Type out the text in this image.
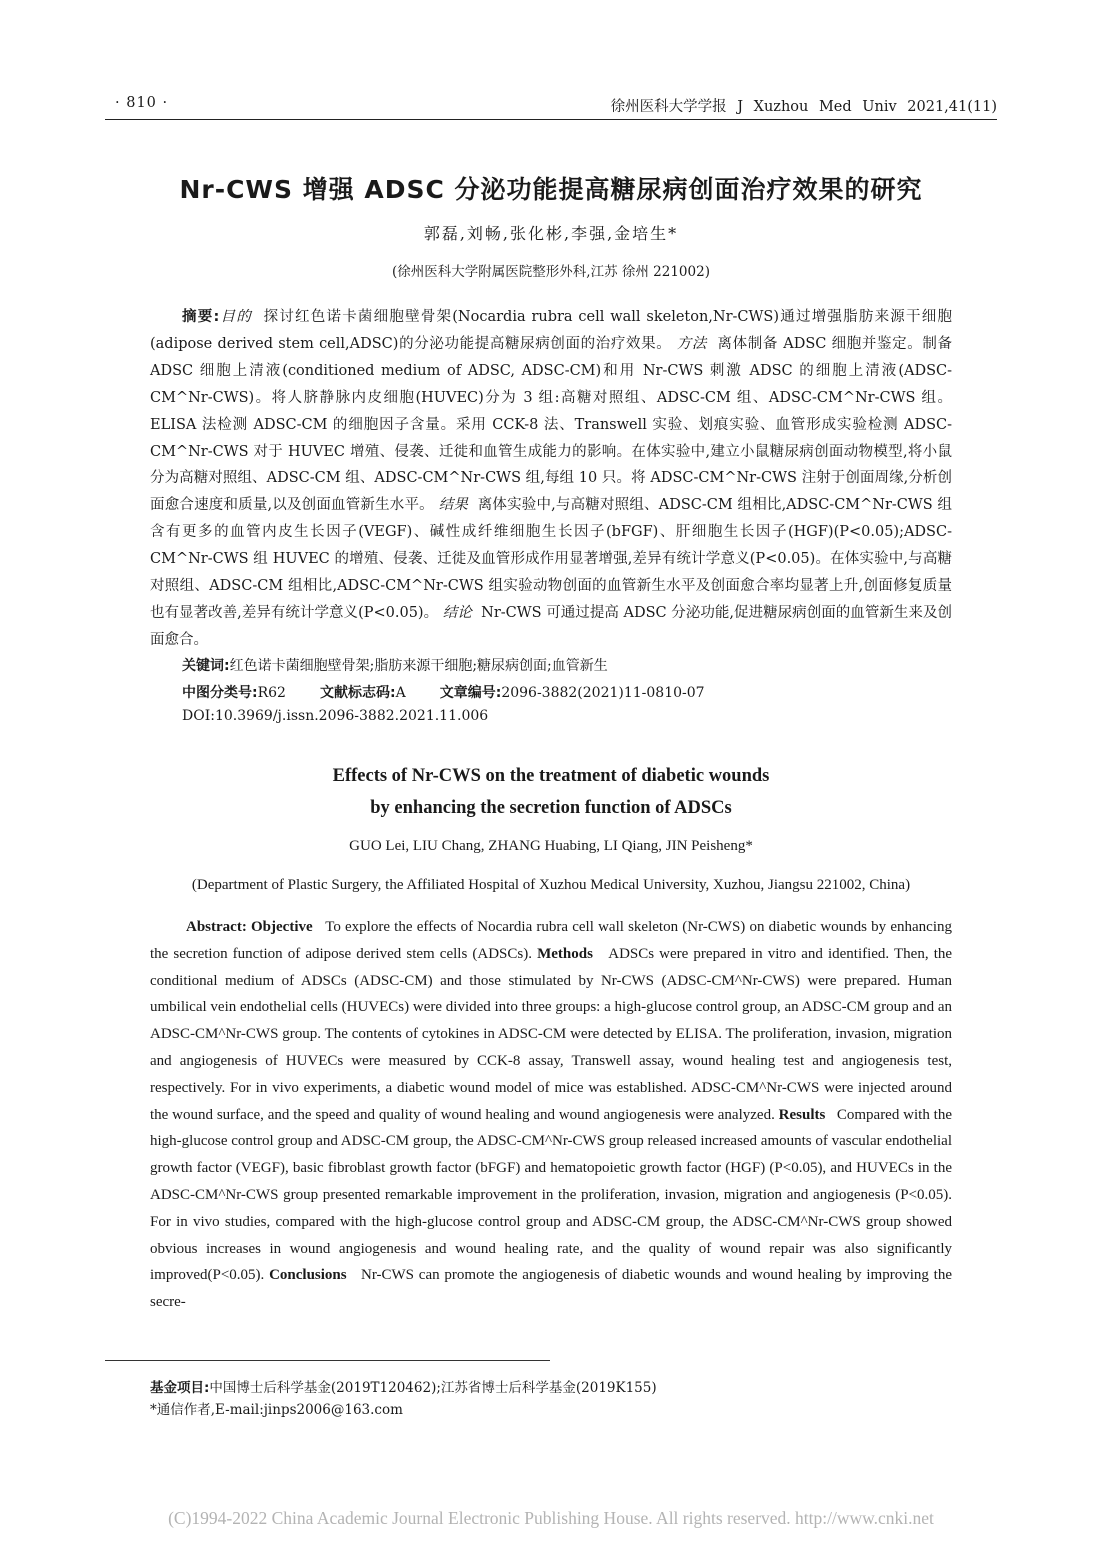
· 810 ·	徐州医科大学学报 J Xuzhou Med Univ 2021,41(11)
Nr-CWS 增强 ADSC 分泌功能提高糖尿病创面治疗效果的研究
郭磊,刘畅,张化彬,李强,金培生*
(徐州医科大学附属医院整形外科,江苏 徐州 221002)

摘要:目的 探讨红色诺卡菌细胞壁骨架(Nocardia rubra cell wall skeleton,Nr-CWS)通过增强脂肪来源干细胞(adipose derived stem cell,ADSC)的分泌功能提高糖尿病创面的治疗效果。 方法 离体制备 ADSC 细胞并鉴定。制备 ADSC 细胞上清液(conditioned medium of ADSC, ADSC-CM)和用 Nr-CWS 刺激 ADSC 的细胞上清液(ADSC-CM^Nr-CWS)。将人脐静脉内皮细胞(HUVEC)分为 3 组:高糖对照组、ADSC-CM 组、ADSC-CM^Nr-CWS 组。ELISA 法检测 ADSC-CM 的细胞因子含量。采用 CCK-8 法、Transwell 实验、划痕实验、血管形成实验检测 ADSC-CM^Nr-CWS 对于 HUVEC 增殖、侵袭、迁徙和血管生成能力的影响。在体实验中,建立小鼠糖尿病创面动物模型,将小鼠分为高糖对照组、ADSC-CM 组、ADSC-CM^Nr-CWS 组,每组 10 只。将 ADSC-CM^Nr-CWS 注射于创面周缘,分析创面愈合速度和质量,以及创面血管新生水平。 结果 离体实验中,与高糖对照组、ADSC-CM 组相比,ADSC-CM^Nr-CWS 组含有更多的血管内皮生长因子(VEGF)、碱性成纤维细胞生长因子(bFGF)、肝细胞生长因子(HGF)(P<0.05);ADSC-CM^Nr-CWS 组 HUVEC 的增殖、侵袭、迁徙及血管形成作用显著增强,差异有统计学意义(P<0.05)。在体实验中,与高糖对照组、ADSC-CM 组相比,ADSC-CM^Nr-CWS 组实验动物创面的血管新生水平及创面愈合率均显著上升,创面修复质量也有显著改善,差异有统计学意义(P<0.05)。 结论 Nr-CWS 可通过提高 ADSC 分泌功能,促进糖尿病创面的血管新生来及创面愈合。

关键词:红色诺卡菌细胞壁骨架;脂肪来源干细胞;糖尿病创面;血管新生
中图分类号:R62 文献标志码:A 文章编号:2096-3882(2021)11-0810-07
DOI:10.3969/j.issn.2096-3882.2021.11.006
Effects of Nr-CWS on the treatment of diabetic wounds
by enhancing the secretion function of ADSCs
GUO Lei, LIU Chang, ZHANG Huabing, LI Qiang, JIN Peisheng*
(Department of Plastic Surgery, the Affiliated Hospital of Xuzhou Medical University, Xuzhou, Jiangsu 221002, China)

Abstract: Objective To explore the effects of Nocardia rubra cell wall skeleton (Nr-CWS) on diabetic wounds by enhancing the secretion function of adipose derived stem cells (ADSCs). Methods ADSCs were prepared in vitro and identified. Then, the conditional medium of ADSCs (ADSC-CM) and those stimulated by Nr-CWS (ADSC-CM^Nr-CWS) were prepared. Human umbilical vein endothelial cells (HUVECs) were divided into three groups: a high-glucose control group, an ADSC-CM group and an ADSC-CM^Nr-CWS group. The contents of cytokines in ADSC-CM were detected by ELISA. The proliferation, invasion, migration and angiogenesis of HUVECs were measured by CCK-8 assay, Transwell assay, wound healing test and angiogenesis test, respectively. For in vivo experiments, a diabetic wound model of mice was established. ADSC-CM^Nr-CWS were injected around the wound surface, and the speed and quality of wound healing and wound angiogenesis were analyzed. Results Compared with the high-glucose control group and ADSC-CM group, the ADSC-CM^Nr-CWS group released increased amounts of vascular endothelial growth factor (VEGF), basic fibroblast growth factor (bFGF) and hematopoietic growth factor (HGF) (P<0.05), and HUVECs in the ADSC-CM^Nr-CWS group presented remarkable improvement in the proliferation, invasion, migration and angiogenesis (P<0.05). For in vivo studies, compared with the high-glucose control group and ADSC-CM group, the ADSC-CM^Nr-CWS group showed obvious increases in wound angiogenesis and wound healing rate, and the quality of wound repair was also significantly improved(P<0.05). Conclusions Nr-CWS can promote the angiogenesis of diabetic wounds and wound healing by improving the secre-

基金项目:中国博士后科学基金(2019T120462);江苏省博士后科学基金(2019K155)
*通信作者,E-mail:jinps2006@163.com
(C)1994-2022 China Academic Journal Electronic Publishing House. All rights reserved. http://www.cnki.net
